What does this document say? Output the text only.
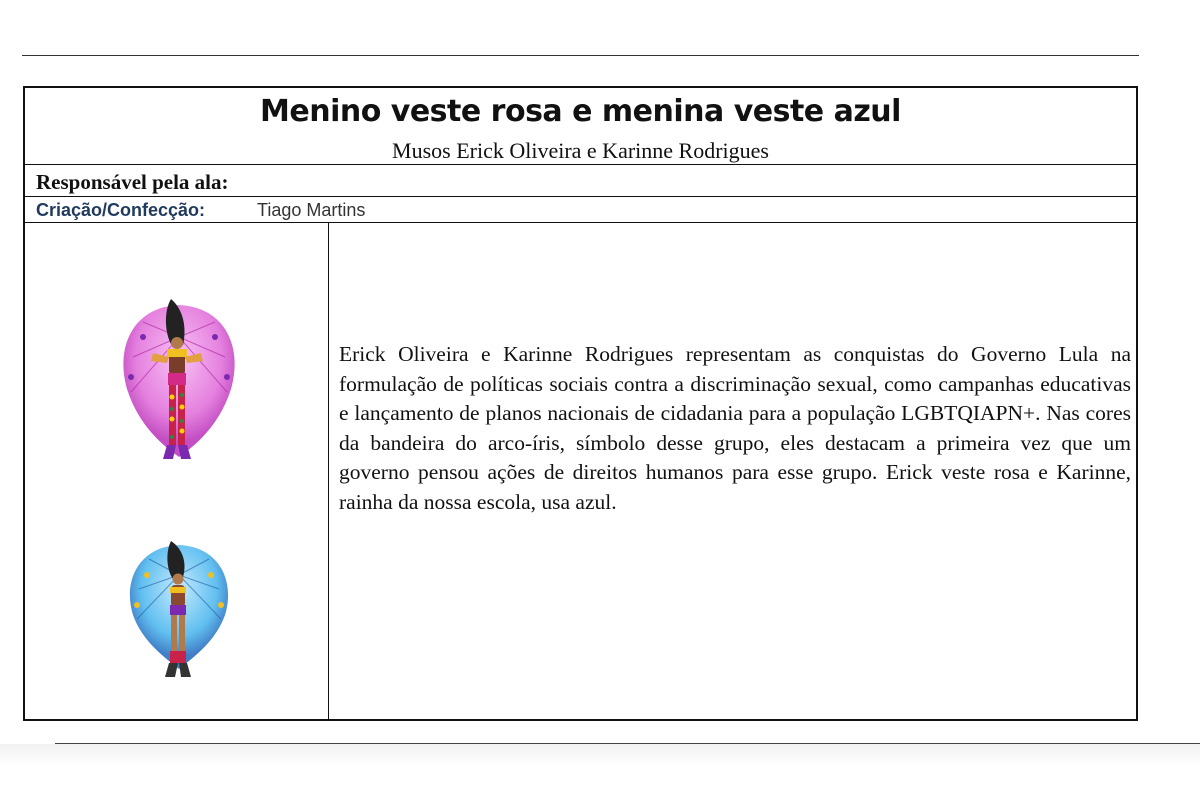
Menino veste rosa e menina veste azul
Musos Erick Oliveira e Karinne Rodrigues
Responsável pela ala:
Criação/Confecção:	Tiago Martins

Erick Oliveira e Karinne Rodrigues representam as conquistas do Governo Lula na formulação de políticas sociais contra a discriminação sexual, como campanhas educativas e lançamento de planos nacionais de cidadania para a população LGBTQIAPN+. Nas cores da bandeira do arco-íris, símbolo desse grupo, eles destacam a primeira vez que um governo pensou ações de direitos humanos para esse grupo. Erick veste rosa e Karinne, rainha da nossa escola, usa azul.
